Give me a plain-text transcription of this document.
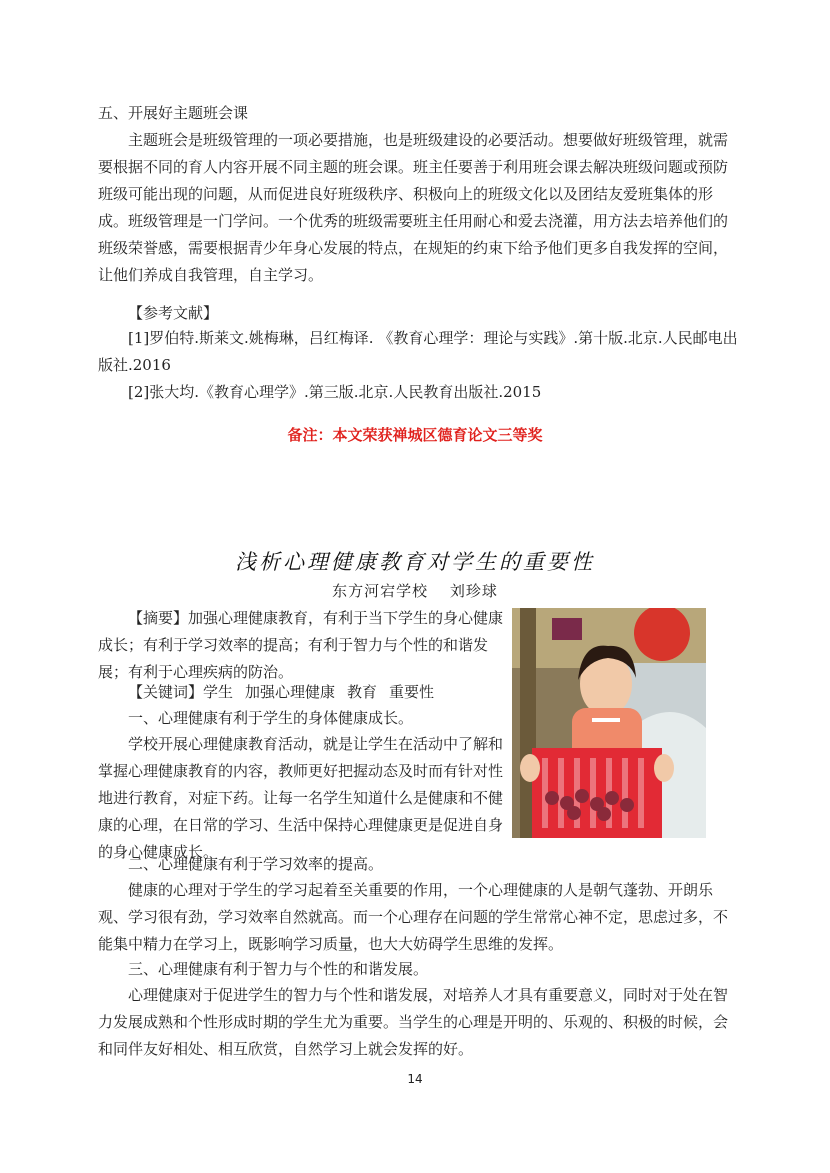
五、开展好主题班会课

主题班会是班级管理的一项必要措施，也是班级建设的必要活动。想要做好班级管理，就需要根据不同的育人内容开展不同主题的班会课。班主任要善于利用班会课去解决班级问题或预防班级可能出现的问题，从而促进良好班级秩序、积极向上的班级文化以及团结友爱班集体的形成。 班级管理是一门学问。一个优秀的班级需要班主任用耐心和爱去浇灌，用方法去培养他们的班级荣誉感，需要根据青少年身心发展的特点，在规矩的约束下给予他们更多自我发挥的空间，让他们养成自我管理，自主学习。

【参考文献】

[1]罗伯特.斯莱文.姚梅琳，吕红梅译. 《教育心理学：理论与实践》.第十版.北京.人民邮电出版社.2016

[2]张大均.《教育心理学》.第三版.北京.人民教育出版社.2015

备注：本文荣获禅城区德育论文三等奖
浅析心理健康教育对学生的重要性
东方河宕学校 刘珍球

【摘要】加强心理健康教育，有利于当下学生的身心健康成长；有利于学习效率的提高；有利于智力与个性的和谐发展；有利于心理疾病的防治。

【关键词】学生 加强心理健康 教育 重要性

一、心理健康有利于学生的身体健康成长。

学校开展心理健康教育活动，就是让学生在活动中了解和掌握心理健康教育的内容，教师更好把握动态及时而有针对性地进行教育，对症下药。让每一名学生知道什么是健康和不健康的心理，在日常的学习、生活中保持心理健康更是促进自身的身心健康成长。

二、心理健康有利于学习效率的提高。

健康的心理对于学生的学习起着至关重要的作用，一个心理健康的人是朝气蓬勃、开朗乐观、学习很有劲，学习效率自然就高。而一个心理存在问题的学生常常心神不定，思虑过多，不能集中精力在学习上，既影响学习质量，也大大妨碍学生思维的发挥。

三、心理健康有利于智力与个性的和谐发展。

心理健康对于促进学生的智力与个性和谐发展，对培养人才具有重要意义，同时对于处在智力发展成熟和个性形成时期的学生尤为重要。当学生的心理是开明的、乐观的、积极的时候，会和同伴友好相处、相互欣赏，自然学习上就会发挥的好。

14
